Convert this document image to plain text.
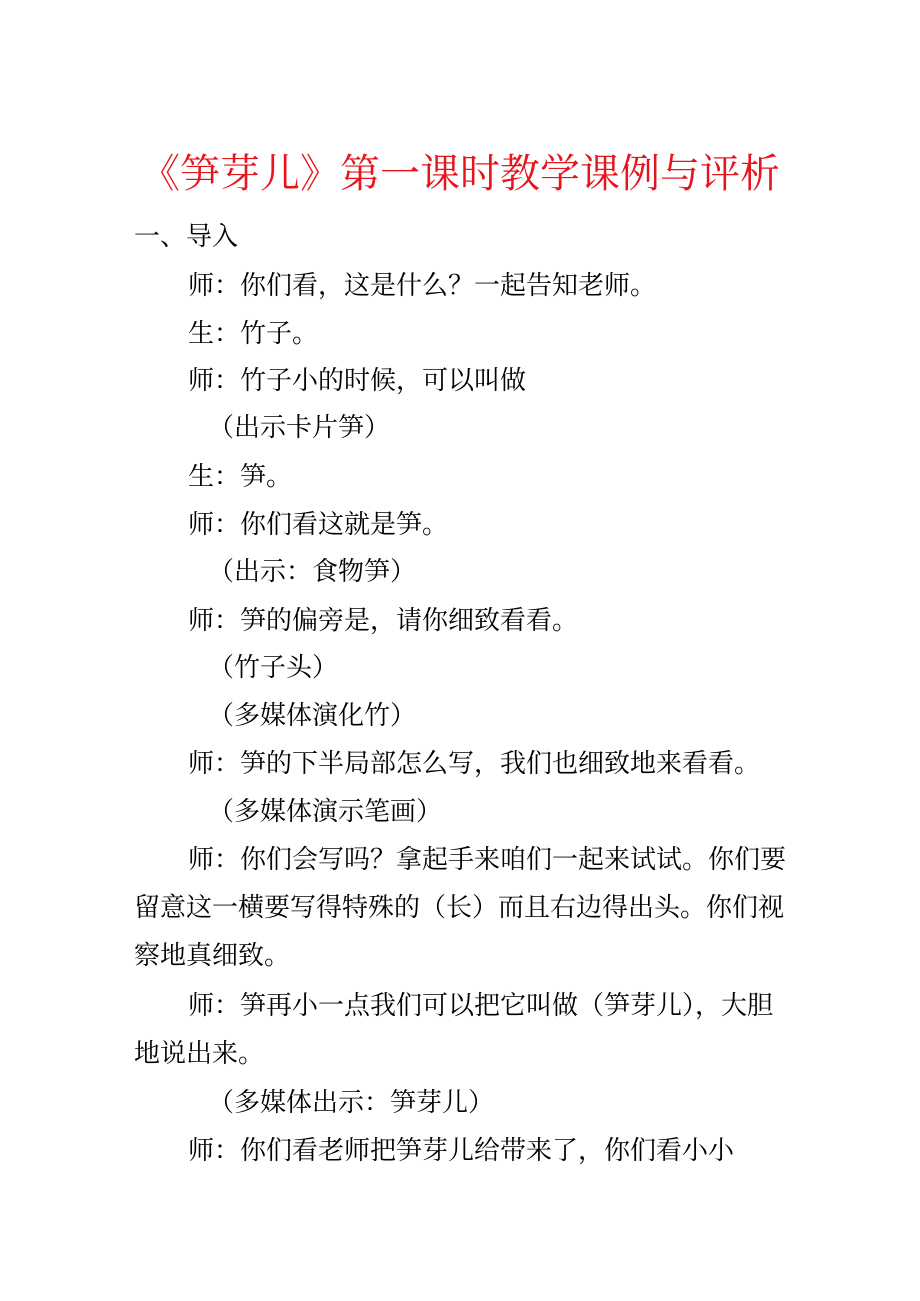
《笋芽儿》第一课时教学课例与评析
一、导入
师：你们看，这是什么？一起告知老师。
生：竹子。
师：竹子小的时候，可以叫做
（出示卡片笋）
生：笋。
师：你们看这就是笋。
（出示：食物笋）
师：笋的偏旁是，请你细致看看。
（竹子头）
（多媒体演化竹）
师：笋的下半局部怎么写，我们也细致地来看看。
（多媒体演示笔画）
师：你们会写吗？拿起手来咱们一起来试试。你们要
留意这一横要写得特殊的（长）而且右边得出头。你们视
察地真细致。
师：笋再小一点我们可以把它叫做（笋芽儿），大胆
地说出来。
（多媒体出示：笋芽儿）
师：你们看老师把笋芽儿给带来了，你们看小小
